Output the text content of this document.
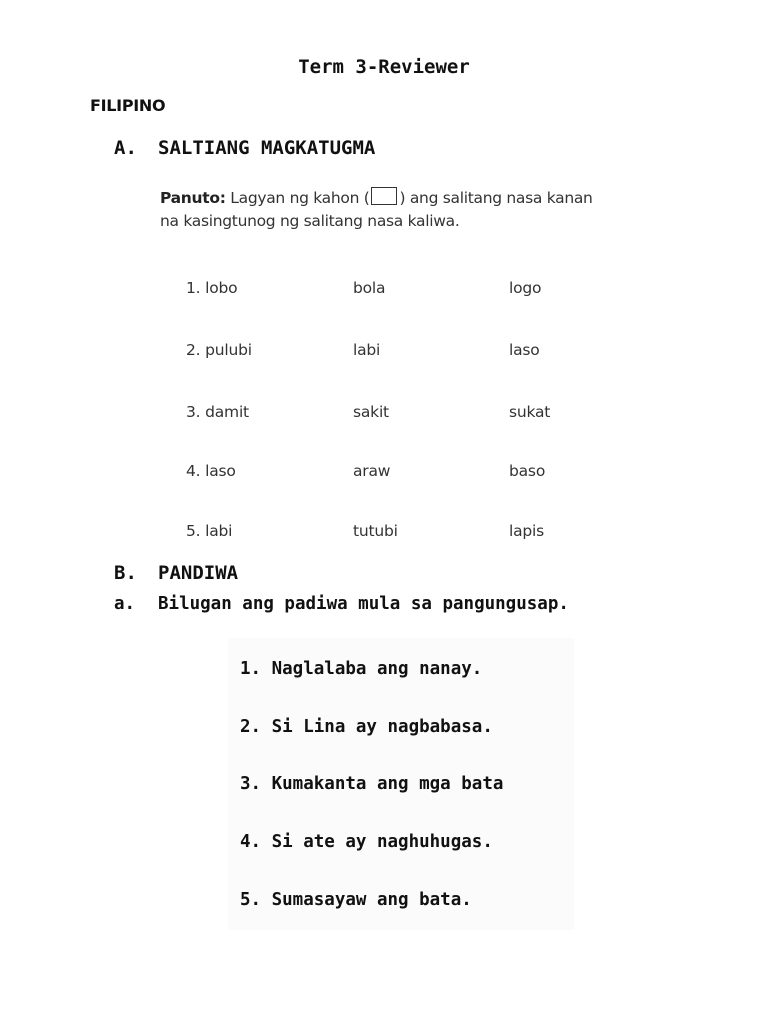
Term 3-Reviewer
FILIPINO
A. SALTIANG MAGKATUGMA
Panuto: Lagyan ng kahon ( ) ang salitang nasa kanan
na kasingtunog ng salitang nasa kaliwa.
1. lobo	bola	logo
2. pulubi	labi	laso
3. damit	sakit	sukat
4. laso	araw	baso
5. labi	tutubi	lapis
B. PANDIWA
a. Bilugan ang padiwa mula sa pangungusap.
1. Naglalaba ang nanay.
2. Si Lina ay nagbabasa.
3. Kumakanta ang mga bata
4. Si ate ay naghuhugas.
5. Sumasayaw ang bata.
